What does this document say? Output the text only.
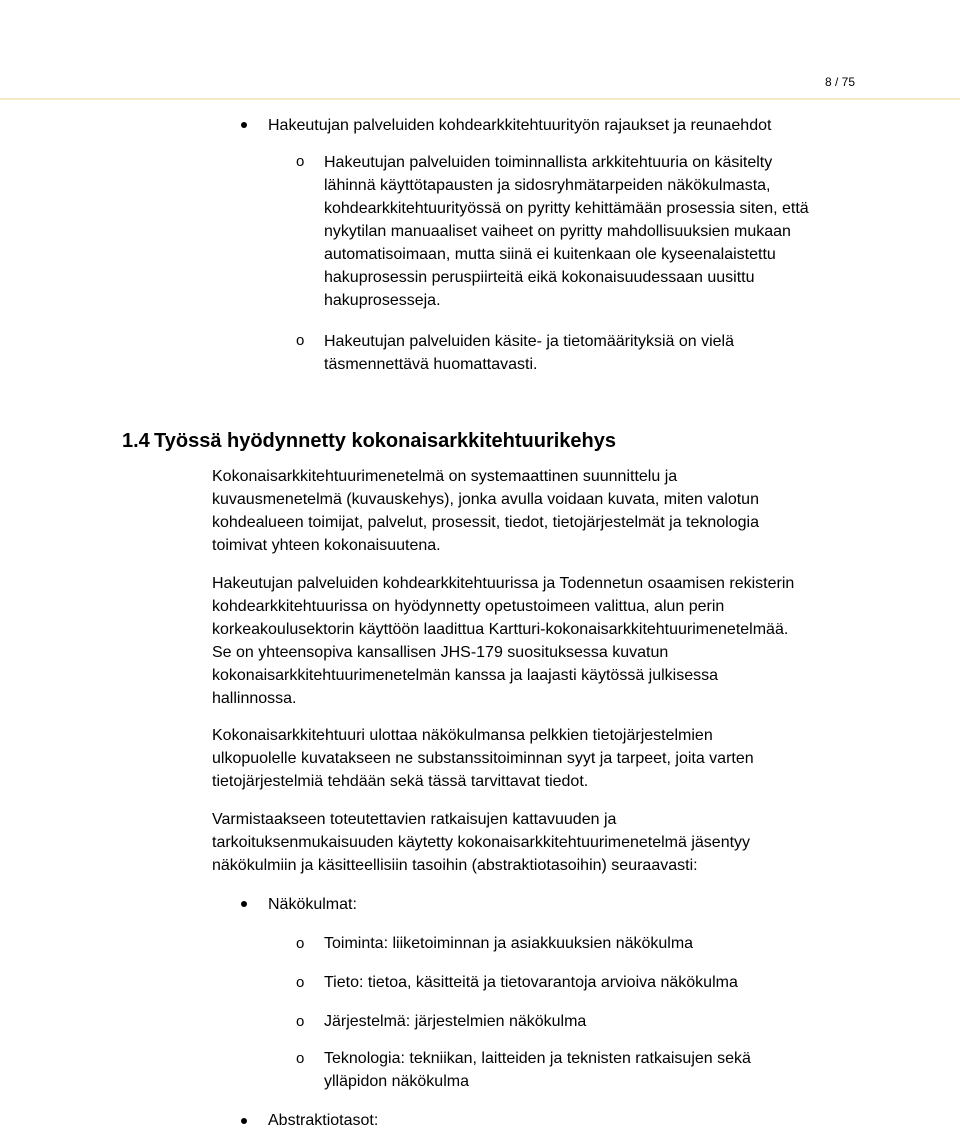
8 / 75
Hakeutujan palveluiden kohdearkkitehtuurityön rajaukset ja reunaehdot
o Hakeutujan palveluiden toiminnallista arkkitehtuuria on käsitelty
lähinnä käyttötapausten ja sidosryhmätarpeiden näkökulmasta,
kohdearkkitehtuurityössä on pyritty kehittämään prosessia siten, että
nykytilan manuaaliset vaiheet on pyritty mahdollisuuksien mukaan
automatisoimaan, mutta siinä ei kuitenkaan ole kyseenalaistettu
hakuprosessin peruspiirteitä eikä kokonaisuudessaan uusittu
hakuprosesseja.
o Hakeutujan palveluiden käsite- ja tietomäärityksiä on vielä
täsmennettävä huomattavasti.
1.4 Työssä hyödynnetty kokonaisarkkitehtuurikehys
Kokonaisarkkitehtuurimenetelmä on systemaattinen suunnittelu ja
kuvausmenetelmä (kuvauskehys), jonka avulla voidaan kuvata, miten valotun
kohdealueen toimijat, palvelut, prosessit, tiedot, tietojärjestelmät ja teknologia
toimivat yhteen kokonaisuutena.
Hakeutujan palveluiden kohdearkkitehtuurissa ja Todennetun osaamisen rekisterin
kohdearkkitehtuurissa on hyödynnetty opetustoimeen valittua, alun perin
korkeakoulusektorin käyttöön laadittua Kartturi-kokonaisarkkitehtuurimenetelmää.
Se on yhteensopiva kansallisen JHS-179 suosituksessa kuvatun
kokonaisarkkitehtuurimenetelmän kanssa ja laajasti käytössä julkisessa
hallinnossa.
Kokonaisarkkitehtuuri ulottaa näkökulmansa pelkkien tietojärjestelmien
ulkopuolelle kuvatakseen ne substanssitoiminnan syyt ja tarpeet, joita varten
tietojärjestelmiä tehdään sekä tässä tarvittavat tiedot.
Varmistaakseen toteutettavien ratkaisujen kattavuuden ja
tarkoituksenmukaisuuden käytetty kokonaisarkkitehtuurimenetelmä jäsentyy
näkökulmiin ja käsitteellisiin tasoihin (abstraktiotasoihin) seuraavasti:
Näkökulmat:
o Toiminta: liiketoiminnan ja asiakkuuksien näkökulma
o Tieto: tietoa, käsitteitä ja tietovarantoja arvioiva näkökulma
o Järjestelmä: järjestelmien näkökulma
o Teknologia: tekniikan, laitteiden ja teknisten ratkaisujen sekä
ylläpidon näkökulma
Abstraktiotasot:
